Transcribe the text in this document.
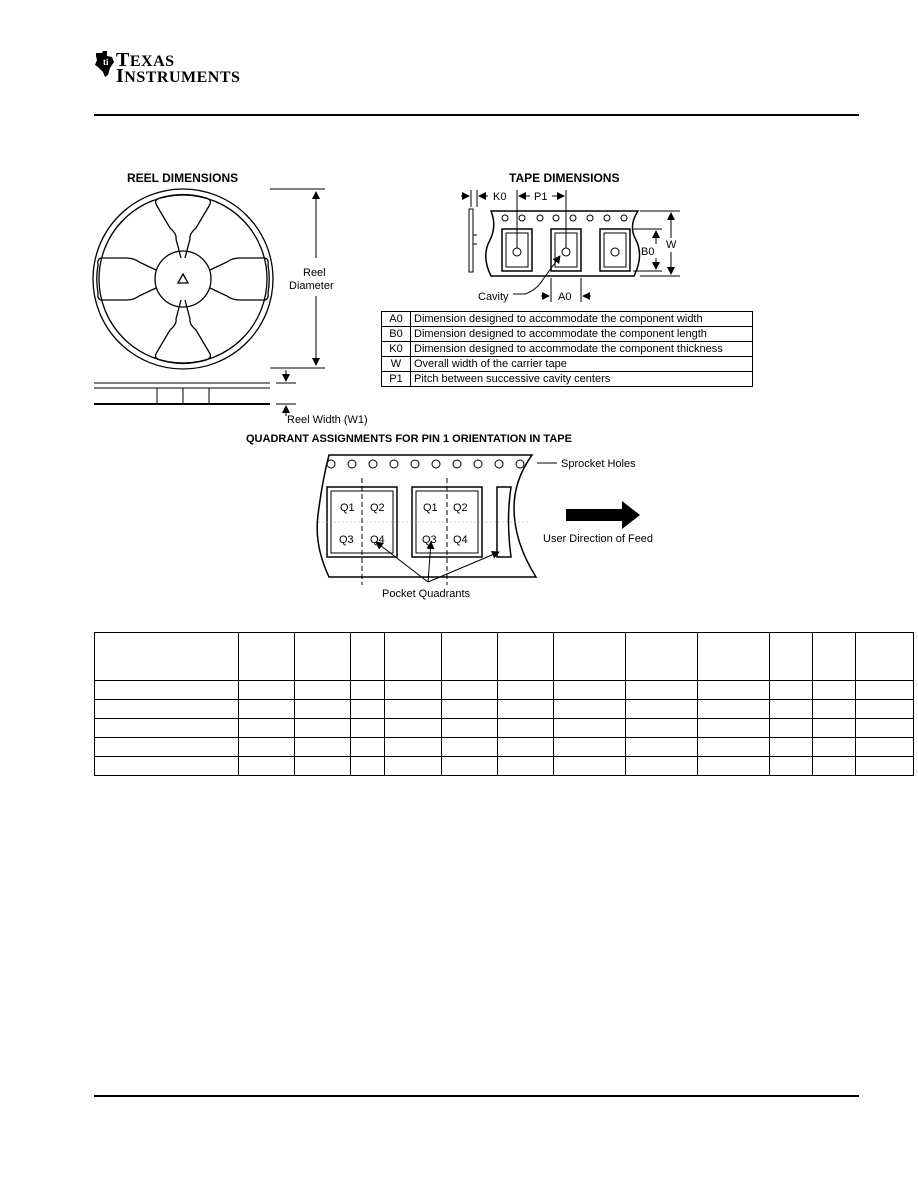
ti TEXAS
INSTRUMENTS
REEL DIMENSIONS
Reel
Diameter
Reel Width (W1)
TAPE DIMENSIONS
K0	P1
B0
W
A0
Cavity
QUADRANT ASSIGNMENTS FOR PIN 1 ORIENTATION IN TAPE
Q1 Q2
Q3 Q4
Q1 Q2
Q3 Q4
Sprocket Holes
User Direction of Feed
Pocket Quadrants
A0	Dimension designed to accommodate the component width
B0	Dimension designed to accommodate the component length
K0	Dimension designed to accommodate the component thickness
W	Overall width of the carrier tape
P1	Pitch between successive cavity centers
